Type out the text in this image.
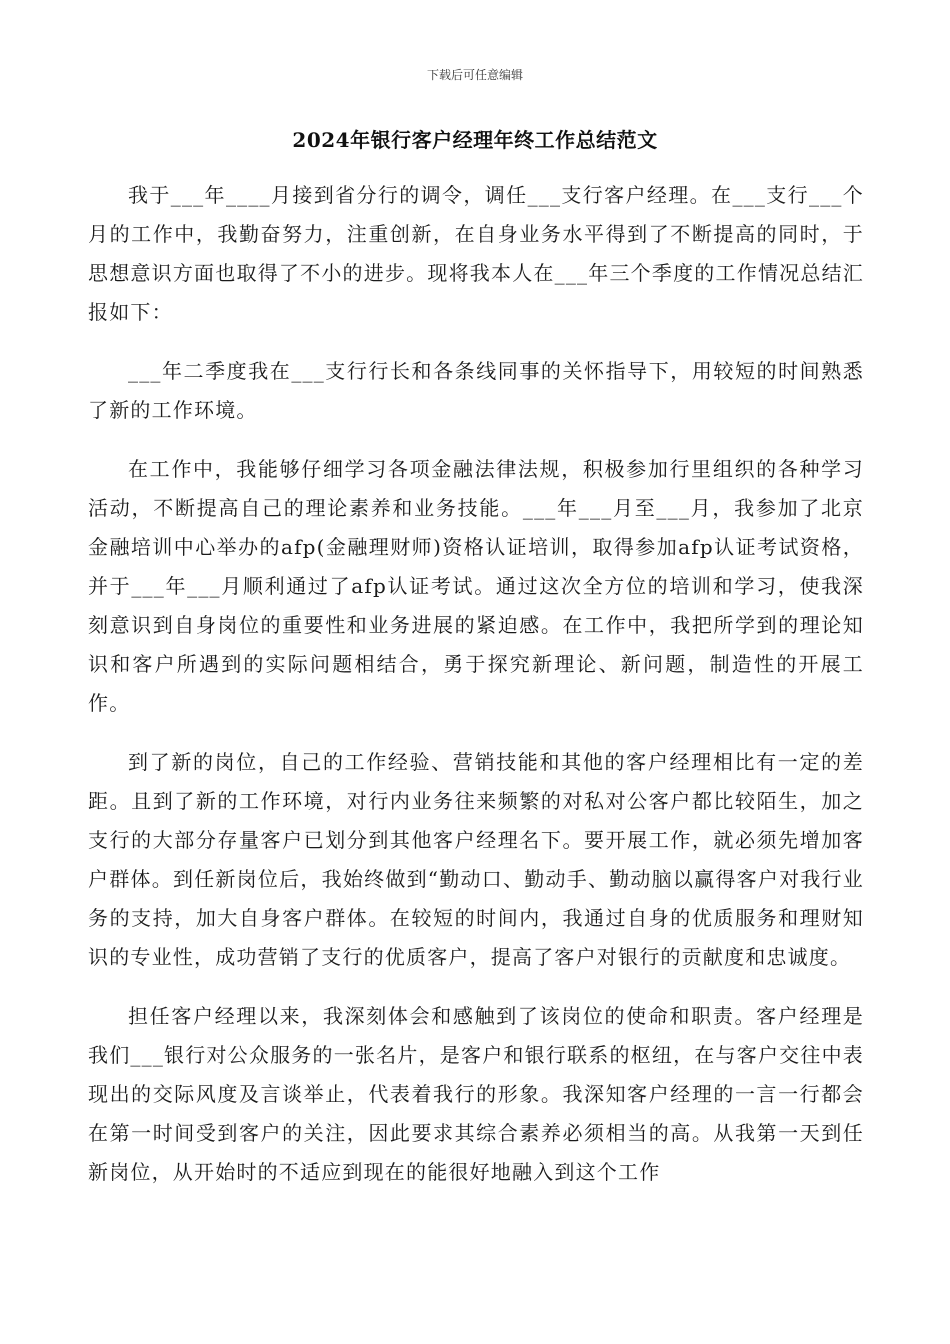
下载后可任意编辑
2024年银行客户经理年终工作总结范文

我于___年____月接到省分行的调令，调任___支行客户经理。在___支行___个月的工作中，我勤奋努力，注重创新，在自身业务水平得到了不断提高的同时，于思想意识方面也取得了不小的进步。现将我本人在___年三个季度的工作情况总结汇报如下：

___年二季度我在___支行行长和各条线同事的关怀指导下，用较短的时间熟悉了新的工作环境。

在工作中，我能够仔细学习各项金融法律法规，积极参加行里组织的各种学习活动，不断提高自己的理论素养和业务技能。___年___月至___月，我参加了北京金融培训中心举办的afp(金融理财师)资格认证培训，取得参加afp认证考试资格，并于___年___月顺利通过了afp认证考试。通过这次全方位的培训和学习，使我深刻意识到自身岗位的重要性和业务进展的紧迫感。在工作中，我把所学到的理论知识和客户所遇到的实际问题相结合，勇于探究新理论、新问题，制造性的开展工作。

到了新的岗位，自己的工作经验、营销技能和其他的客户经理相比有一定的差距。且到了新的工作环境，对行内业务往来频繁的对私对公客户都比较陌生，加之支行的大部分存量客户已划分到其他客户经理名下。要开展工作，就必须先增加客户群体。到任新岗位后，我始终做到“勤动口、勤动手、勤动脑以赢得客户对我行业务的支持，加大自身客户群体。在较短的时间内，我通过自身的优质服务和理财知识的专业性，成功营销了支行的优质客户，提高了客户对银行的贡献度和忠诚度。

担任客户经理以来，我深刻体会和感触到了该岗位的使命和职责。客户经理是我们___银行对公众服务的一张名片，是客户和银行联系的枢纽，在与客户交往中表现出的交际风度及言谈举止，代表着我行的形象。我深知客户经理的一言一行都会在第一时间受到客户的关注，因此要求其综合素养必须相当的高。从我第一天到任新岗位，从开始时的不适应到现在的能很好地融入到这个工作
